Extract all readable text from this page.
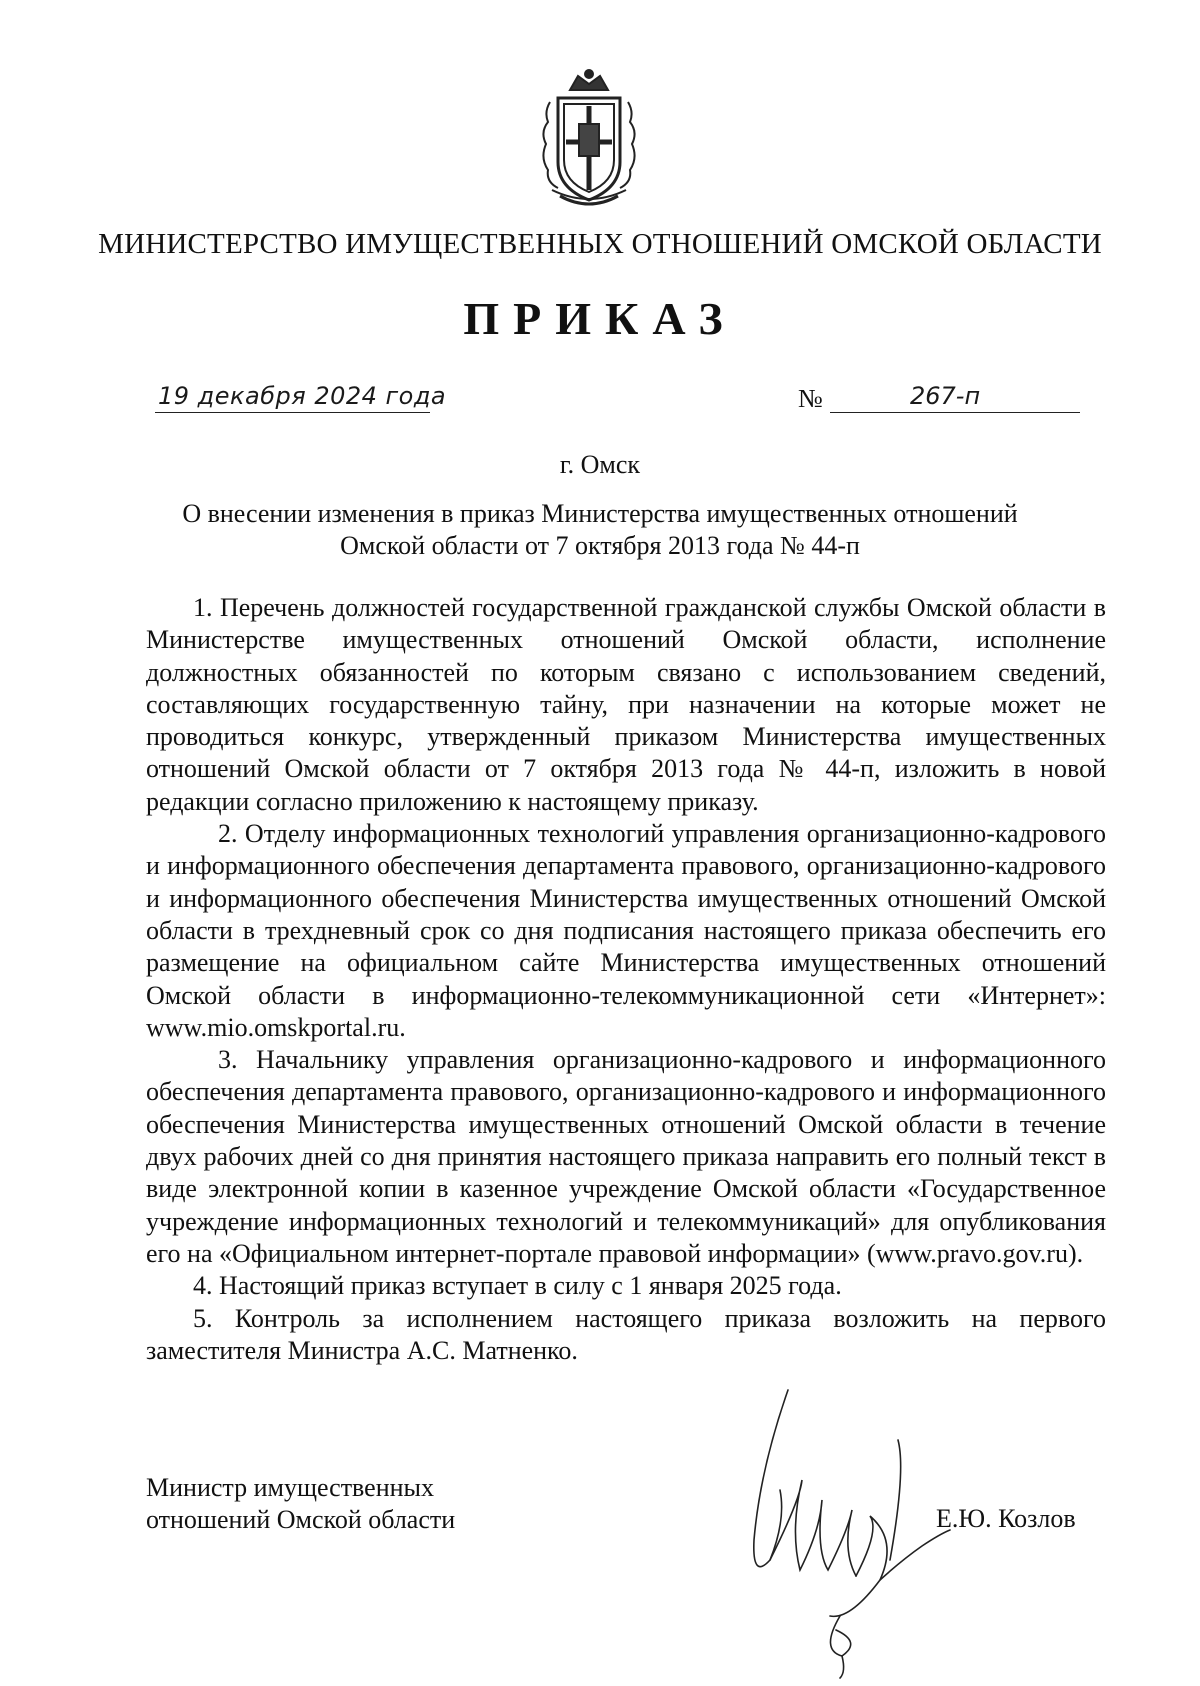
МИНИСТЕРСТВО ИМУЩЕСТВЕННЫХ ОТНОШЕНИЙ ОМСКОЙ ОБЛАСТИ
ПРИКАЗ
19 декабря 2024 года	№	267-п
г. Омск
О внесении изменения в приказ Министерства имущественных отношений
Омской области от 7 октября 2013 года № 44-п

1. Перечень должностей государственной гражданской службы Омской области в Министерстве имущественных отношений Омской области, исполнение должностных обязанностей по которым связано с использованием сведений, составляющих государственную тайну, при назначении на которые может не проводиться конкурс, утвержденный приказом Министерства имущественных отношений Омской области от 7 октября 2013 года № 44-п, изложить в новой редакции согласно приложению к настоящему приказу.

2. Отделу информационных технологий управления организационно-кадрового и информационного обеспечения департамента правового, организационно-кадрового и информационного обеспечения Министерства имущественных отношений Омской области в трехдневный срок со дня подписания настоящего приказа обеспечить его размещение на официальном сайте Министерства имущественных отношений Омской области в информационно-телекоммуникационной сети «Интернет»: www.mio.omskportal.ru.

3. Начальнику управления организационно-кадрового и информационного обеспечения департамента правового, организационно-кадрового и информационного обеспечения Министерства имущественных отношений Омской области в течение двух рабочих дней со дня принятия настоящего приказа направить его полный текст в виде электронной копии в казенное учреждение Омской области «Государственное учреждение информационных технологий и телекоммуникаций» для опубликования его на «Официальном интернет-портале правовой информации» (www.pravo.gov.ru).

4. Настоящий приказ вступает в силу с 1 января 2025 года.

5. Контроль за исполнением настоящего приказа возложить на первого заместителя Министра А.С. Матненко.

Министр имущественных
отношений Омской области	Е.Ю. Козлов
